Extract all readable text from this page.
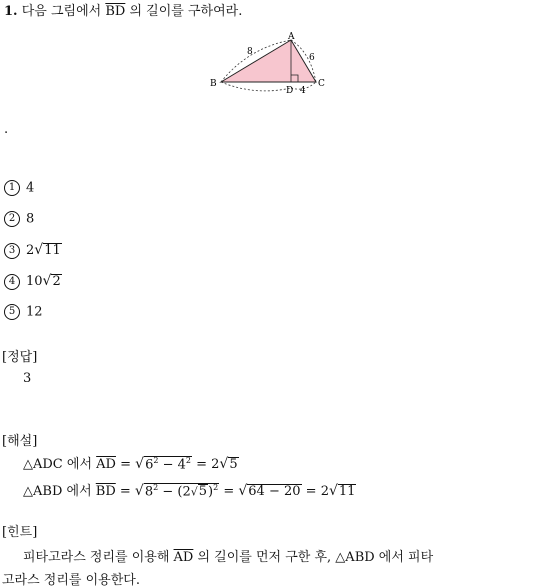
1. 다음 그림에서 $\overline{BD}$ 의 길이를 구하여라.
A
B	C
D
8
6
4
.
1 4
2 8
3 2√11
4 10√2
5 12
[정답]
3
[해설]
△ADC 에서 $\overline{AD} = √6^2 - 4^2 = 2√5$
△ABD 에서 $\overline{BD} = √8^2 - (2√5)^2 = √64 - 20 = 2√11$
[힌트]
피타고라스 정리를 이용해 $\overline{AD}$ 의 길이를 먼저 구한 후, △ABD 에서 피타
고라스 정리를 이용한다.
